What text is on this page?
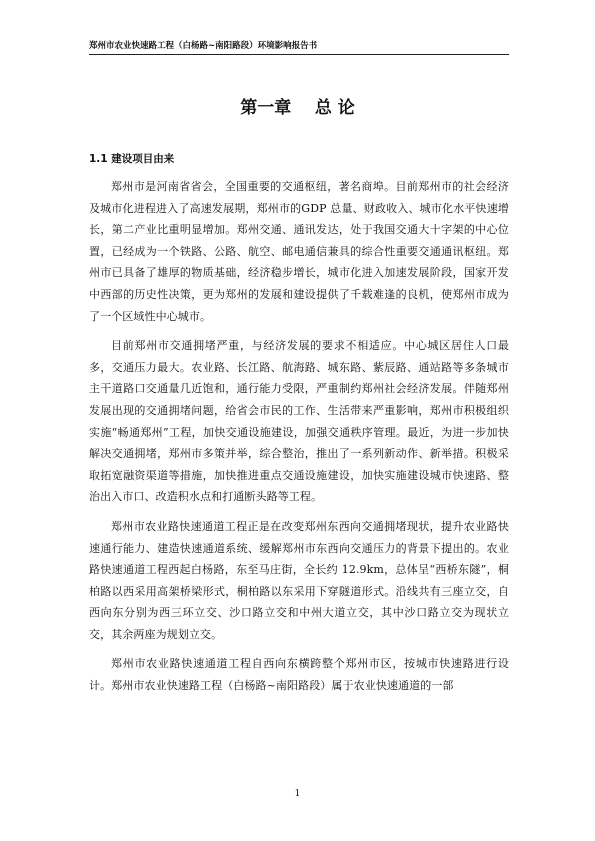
郑州市农业快速路工程（白杨路~南阳路段）环境影响报告书
第一章    总 论
1.1 建设项目由来

郑州市是河南省省会，全国重要的交通枢纽，著名商埠。目前郑州市的社会经济及城市化进程进入了高速发展期，郑州市的GDP 总量、财政收入、城市化水平快速增长，第二产业比重明显增加。郑州交通、通讯发达，处于我国交通大十字架的中心位置，已经成为一个铁路、公路、航空、邮电通信兼具的综合性重要交通通讯枢纽。郑州市已具备了雄厚的物质基础，经济稳步增长，城市化进入加速发展阶段，国家开发中西部的历史性决策，更为郑州的发展和建设提供了千载难逢的良机，使郑州市成为了一个区域性中心城市。

目前郑州市交通拥堵严重，与经济发展的要求不相适应。中心城区居住人口最多，交通压力最大。农业路、长江路、航海路、城东路、紫辰路、通站路等多条城市主干道路口交通量几近饱和，通行能力受限，严重制约郑州社会经济发展。伴随郑州发展出现的交通拥堵问题，给省会市民的工作、生活带来严重影响，郑州市积极组织实施“畅通郑州”工程，加快交通设施建设，加强交通秩序管理。最近，为进一步加快解决交通拥堵，郑州市多策并举，综合整治，推出了一系列新动作、新举措。积极采取拓宽融资渠道等措施，加快推进重点交通设施建设，加快实施建设城市快速路、整治出入市口、改造积水点和打通断头路等工程。

郑州市农业路快速通道工程正是在改变郑州东西向交通拥堵现状，提升农业路快速通行能力、建造快速通道系统、缓解郑州市东西向交通压力的背景下提出的。农业路快速通道工程西起白杨路，东至马庄街，全长约 12.9km，总体呈“西桥东隧”，桐柏路以西采用高架桥梁形式，桐柏路以东采用下穿隧道形式。沿线共有三座立交，自西向东分别为西三环立交、沙口路立交和中州大道立交，其中沙口路立交为现状立交，其余两座为规划立交。

郑州市农业路快速通道工程自西向东横跨整个郑州市区，按城市快速路进行设计。郑州市农业快速路工程（白杨路~南阳路段）属于农业快速通道的一部

1
